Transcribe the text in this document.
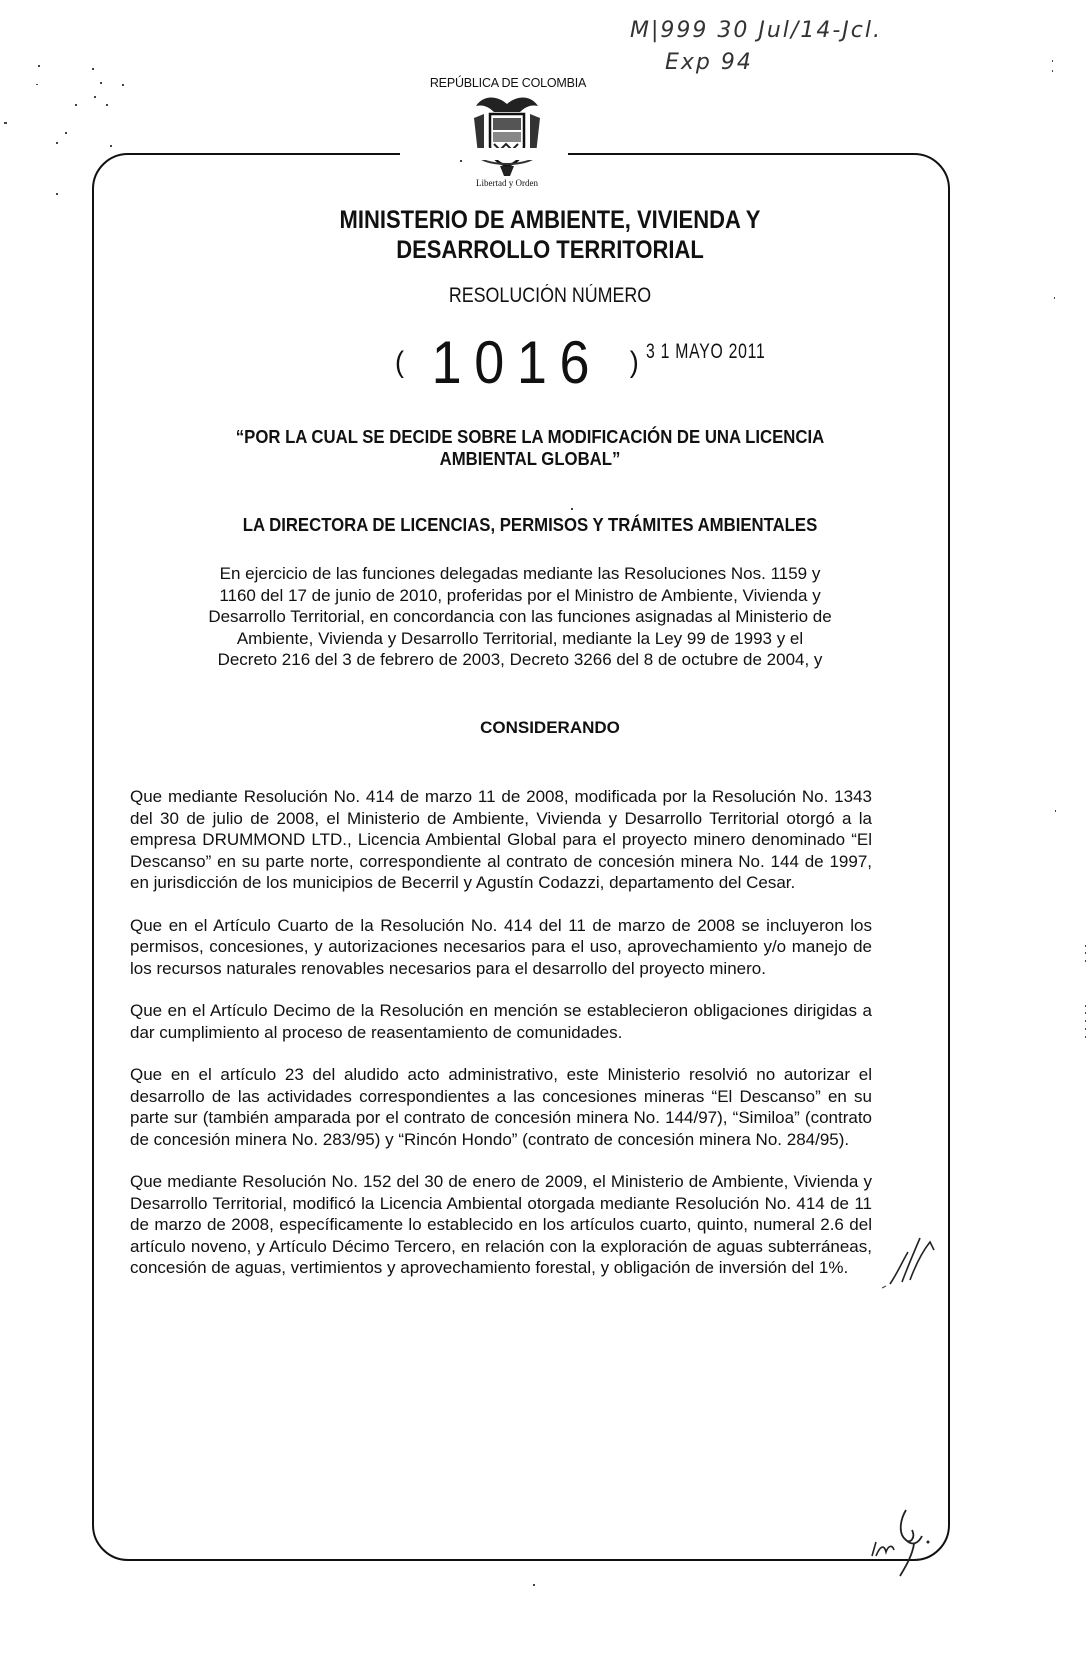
M|999 30 Jul/14-Jcl.
Exp 94
REPÚBLICA DE COLOMBIA
Libertad y Orden
MINISTERIO DE AMBIENTE, VIVIENDA Y
DESARROLLO TERRITORIAL
RESOLUCIÓN NÚMERO
( 1016 ) 3 1 MAYO 2011
“POR LA CUAL SE DECIDE SOBRE LA MODIFICACIÓN DE UNA LICENCIA
AMBIENTAL GLOBAL”
LA DIRECTORA DE LICENCIAS, PERMISOS Y TRÁMITES AMBIENTALES
En ejercicio de las funciones delegadas mediante las Resoluciones Nos. 1159 y
1160 del 17 de junio de 2010, proferidas por el Ministro de Ambiente, Vivienda y
Desarrollo Territorial, en concordancia con las funciones asignadas al Ministerio de
Ambiente, Vivienda y Desarrollo Territorial, mediante la Ley 99 de 1993 y el
Decreto 216 del 3 de febrero de 2003, Decreto 3266 del 8 de octubre de 2004, y
CONSIDERANDO

Que mediante Resolución No. 414 de marzo 11 de 2008, modificada por la Resolución No. 1343 del 30 de julio de 2008, el Ministerio de Ambiente, Vivienda y Desarrollo Territorial otorgó a la empresa DRUMMOND LTD., Licencia Ambiental Global para el proyecto minero denominado “El Descanso” en su parte norte, correspondiente al contrato de concesión minera No. 144 de 1997, en jurisdicción de los municipios de Becerril y Agustín Codazzi, departamento del Cesar.

Que en el Artículo Cuarto de la Resolución No. 414 del 11 de marzo de 2008 se incluyeron los permisos, concesiones, y autorizaciones necesarios para el uso, aprovechamiento y/o manejo de los recursos naturales renovables necesarios para el desarrollo del proyecto minero.

Que en el Artículo Decimo de la Resolución en mención se establecieron obligaciones dirigidas a dar cumplimiento al proceso de reasentamiento de comunidades.

Que en el artículo 23 del aludido acto administrativo, este Ministerio resolvió no autorizar el desarrollo de las actividades correspondientes a las concesiones mineras “El Descanso” en su parte sur (también amparada por el contrato de concesión minera No. 144/97), “Similoa” (contrato de concesión minera No. 283/95) y “Rincón Hondo” (contrato de concesión minera No. 284/95).

Que mediante Resolución No. 152 del 30 de enero de 2009, el Ministerio de Ambiente, Vivienda y Desarrollo Territorial, modificó la Licencia Ambiental otorgada mediante Resolución No. 414 de 11 de marzo de 2008, específicamente lo establecido en los artículos cuarto, quinto, numeral 2.6 del artículo noveno, y Artículo Décimo Tercero, en relación con la exploración de aguas subterráneas, concesión de aguas, vertimientos y aprovechamiento forestal, y obligación de inversión del 1%.
